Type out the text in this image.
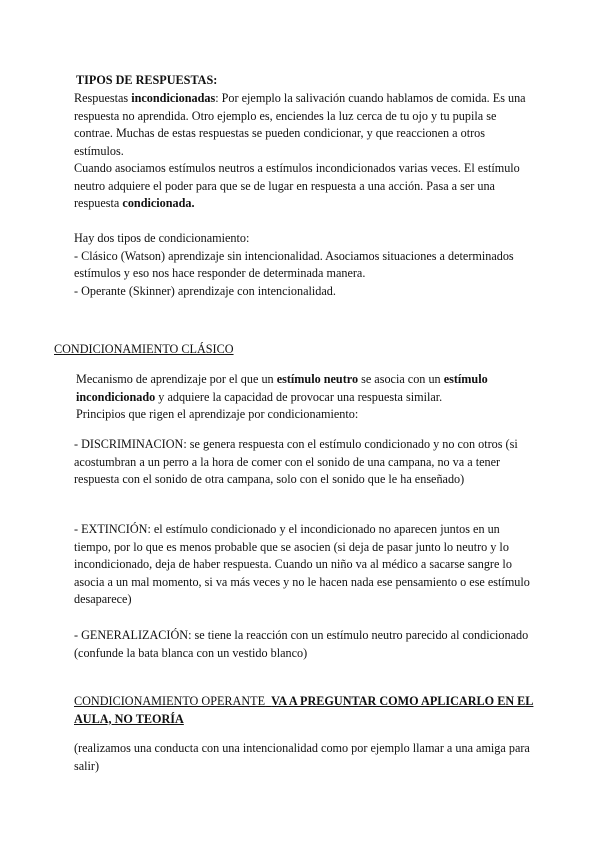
TIPOS DE RESPUESTAS:

Respuestas incondicionadas: Por ejemplo la salivación cuando hablamos de comida. Es una respuesta no aprendida. Otro ejemplo es, enciendes la luz cerca de tu ojo y tu pupila se contrae. Muchas de estas respuestas se pueden condicionar, y que reaccionen a otros estímulos.

Cuando asociamos estímulos neutros a estímulos incondicionados varias veces. El estímulo neutro adquiere el poder para que se de lugar en respuesta a una acción. Pasa a ser una respuesta condicionada.

Hay dos tipos de condicionamiento:

- Clásico (Watson) aprendizaje sin intencionalidad. Asociamos situaciones a determinados estímulos y eso nos hace responder de determinada manera.

- Operante (Skinner) aprendizaje con intencionalidad.

CONDICIONAMIENTO CLÁSICO

Mecanismo de aprendizaje por el que un estímulo neutro se asocia con un estímulo incondicionado y adquiere la capacidad de provocar una respuesta similar.

Principios que rigen el aprendizaje por condicionamiento:

- DISCRIMINACION: se genera respuesta con el estímulo condicionado y no con otros (si acostumbran a un perro a la hora de comer con el sonido de una campana, no va a tener respuesta con el sonido de otra campana, solo con el sonido que le ha enseñado)

- EXTINCIÓN: el estímulo condicionado y el incondicionado no aparecen juntos en un tiempo, por lo que es menos probable que se asocien (si deja de pasar junto lo neutro y lo incondicionado, deja de haber respuesta. Cuando un niño va al médico a sacarse sangre lo asocia a un mal momento, si va más veces y no le hacen nada ese pensamiento o ese estímulo desaparece)

- GENERALIZACIÓN: se tiene la reacción con un estímulo neutro parecido al condicionado (confunde la bata blanca con un vestido blanco)

CONDICIONAMIENTO OPERANTE VA A PREGUNTAR COMO APLICARLO EN EL AULA, NO TEORÍA

(realizamos una conducta con una intencionalidad como por ejemplo llamar a una amiga para salir)
